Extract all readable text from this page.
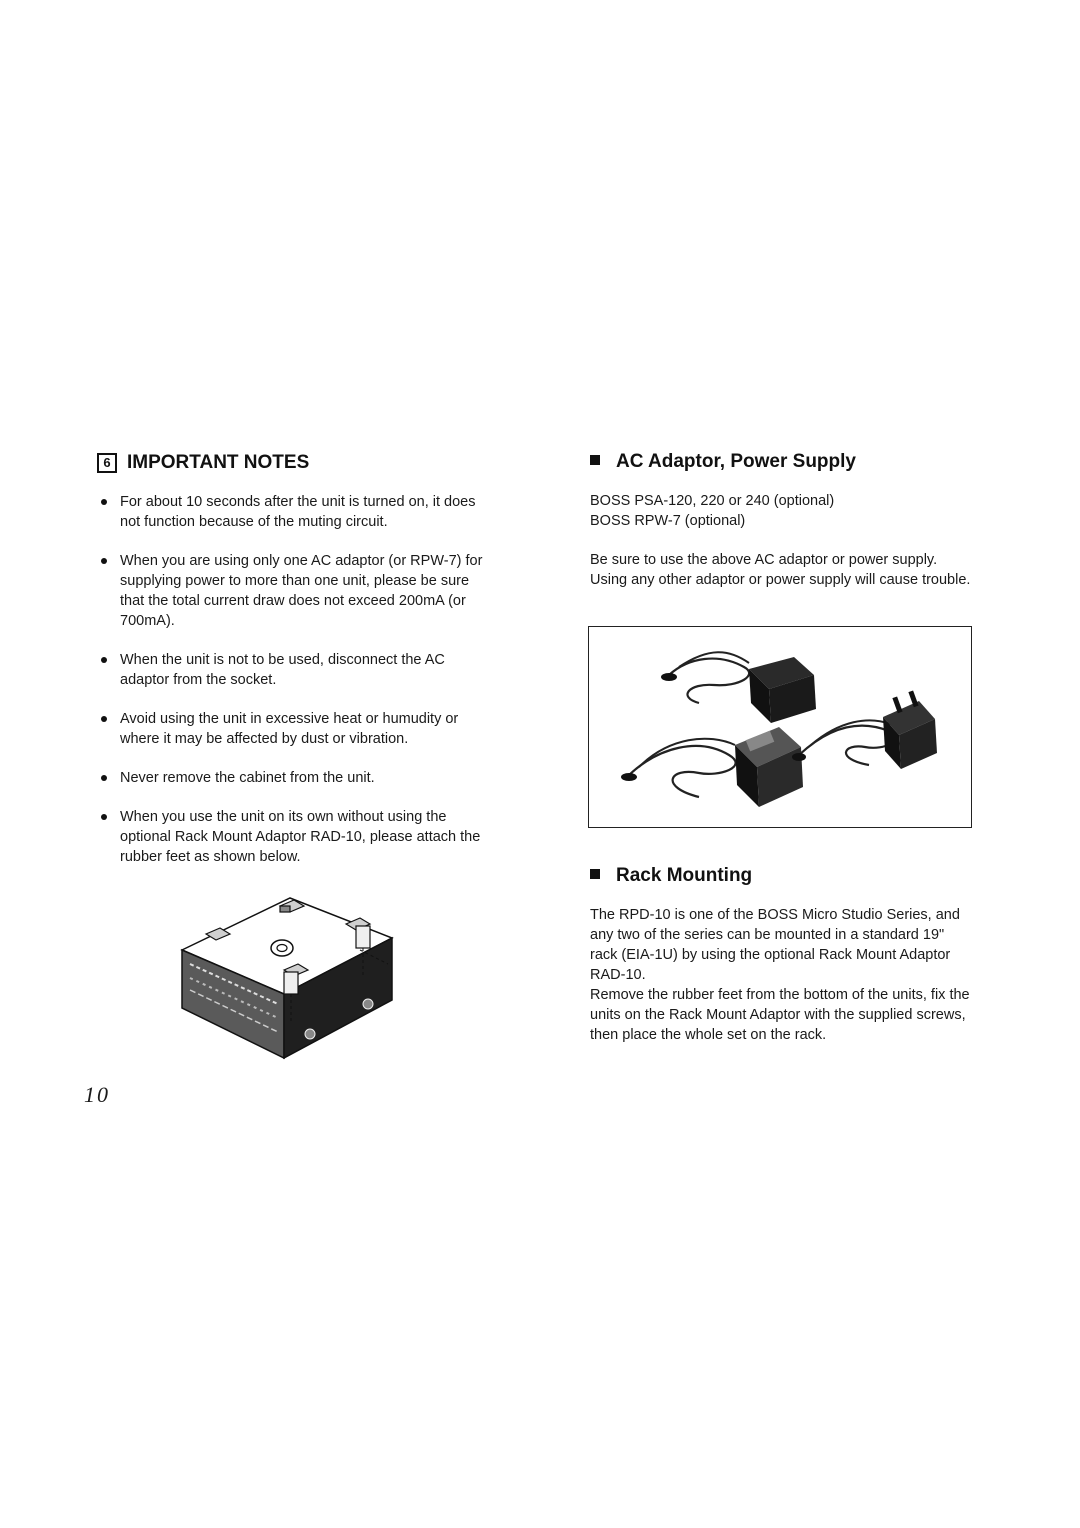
6 IMPORTANT NOTES
For about 10 seconds after the unit is turned on, it does not function because of the muting circuit.
When you are using only one AC adaptor (or RPW-7) for supplying power to more than one unit, please be sure that the total current draw does not exceed 200mA (or 700mA).
When the unit is not to be used, disconnect the AC adaptor from the socket.
Avoid using the unit in excessive heat or humudity or where it may be affected by dust or vibration.
Never remove the cabinet from the unit.
When you use the unit on its own without using the optional Rack Mount Adaptor RAD-10, please attach the rubber feet as shown below.
AC Adaptor, Power Supply
BOSS PSA-120, 220 or 240 (optional)
BOSS RPW-7 (optional)

Be sure to use the above AC adaptor or power supply. Using any other adaptor or power supply will cause trouble.

Rack Mounting

The RPD-10 is one of the BOSS Micro Studio Series, and any two of the series can be mounted in a standard 19" rack (EIA-1U) by using the optional Rack Mount Adaptor RAD-10.

Remove the rubber feet from the bottom of the units, fix the units on the Rack Mount Adaptor with the supplied screws, then place the whole set on the rack.

10
